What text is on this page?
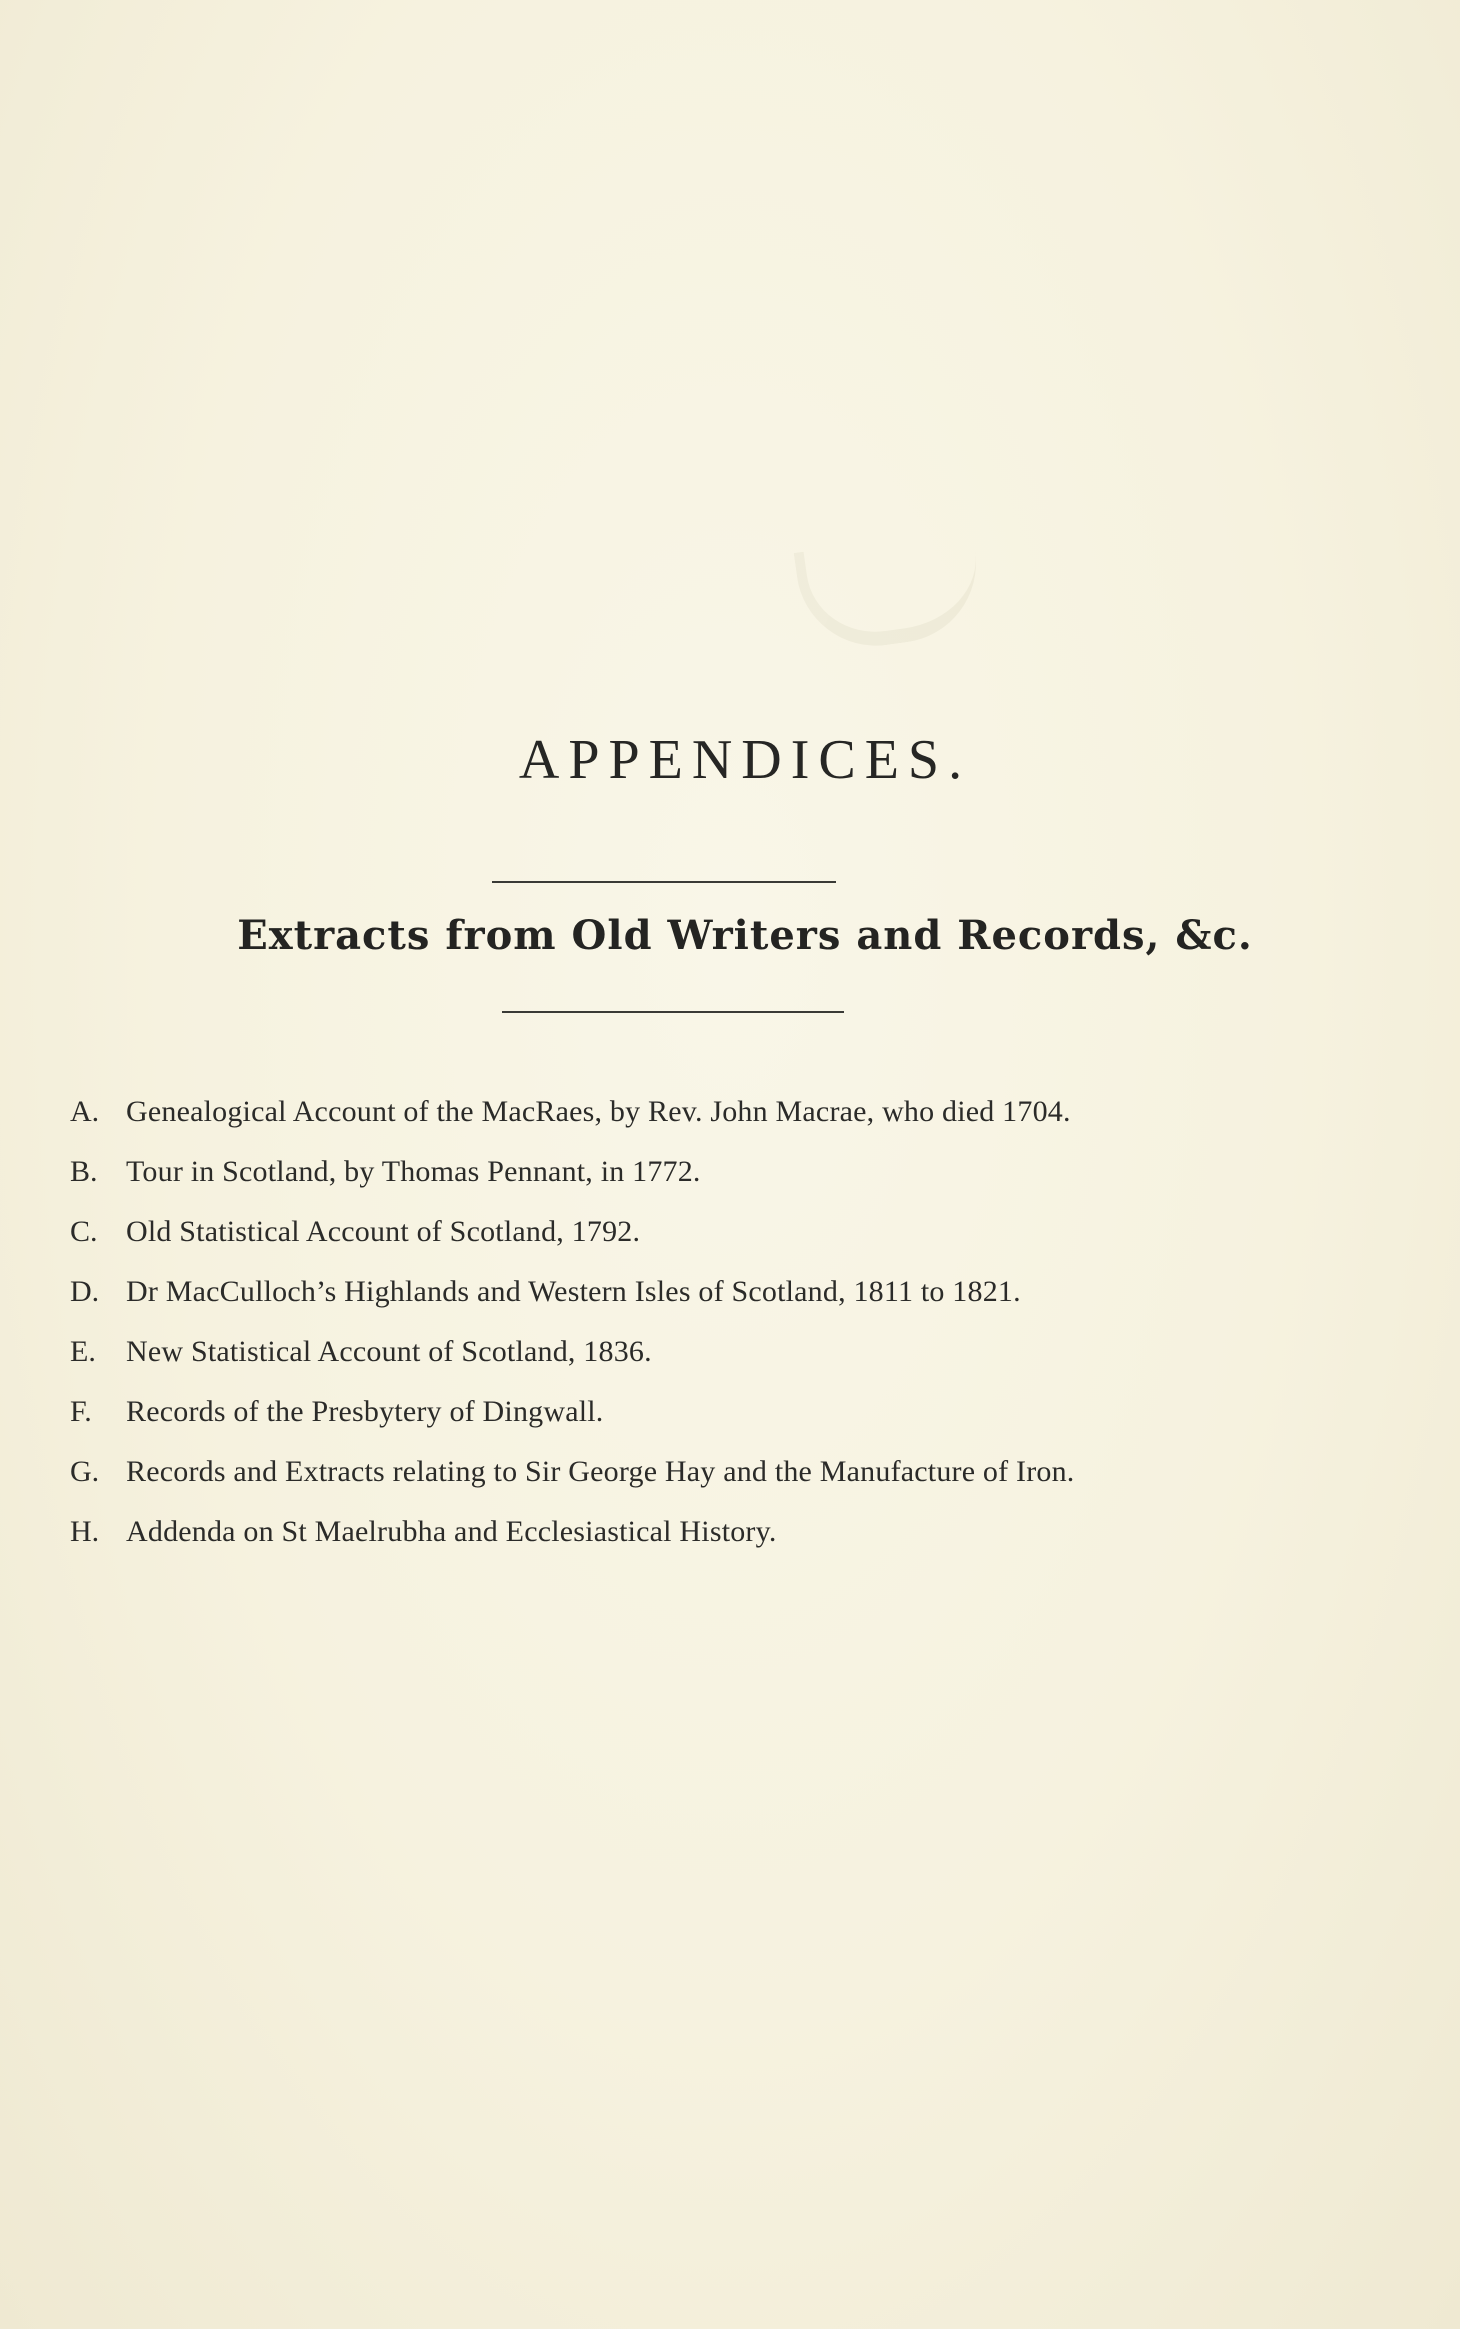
APPENDICES.
Extracts from Old Writers and Records, &c.
A. Genealogical Account of the MacRaes, by Rev. John Macrae, who died 1704.
B. Tour in Scotland, by Thomas Pennant, in 1772.
C. Old Statistical Account of Scotland, 1792.
D. Dr MacCulloch’s Highlands and Western Isles of Scotland, 1811 to 1821.
E.	New Statistical Account of Scotland, 1836.
F.	Records of the Presbytery of Dingwall.
G. Records and Extracts relating to Sir George Hay and the Manufacture of Iron.
H. Addenda on St Maelrubha and Ecclesiastical History.
